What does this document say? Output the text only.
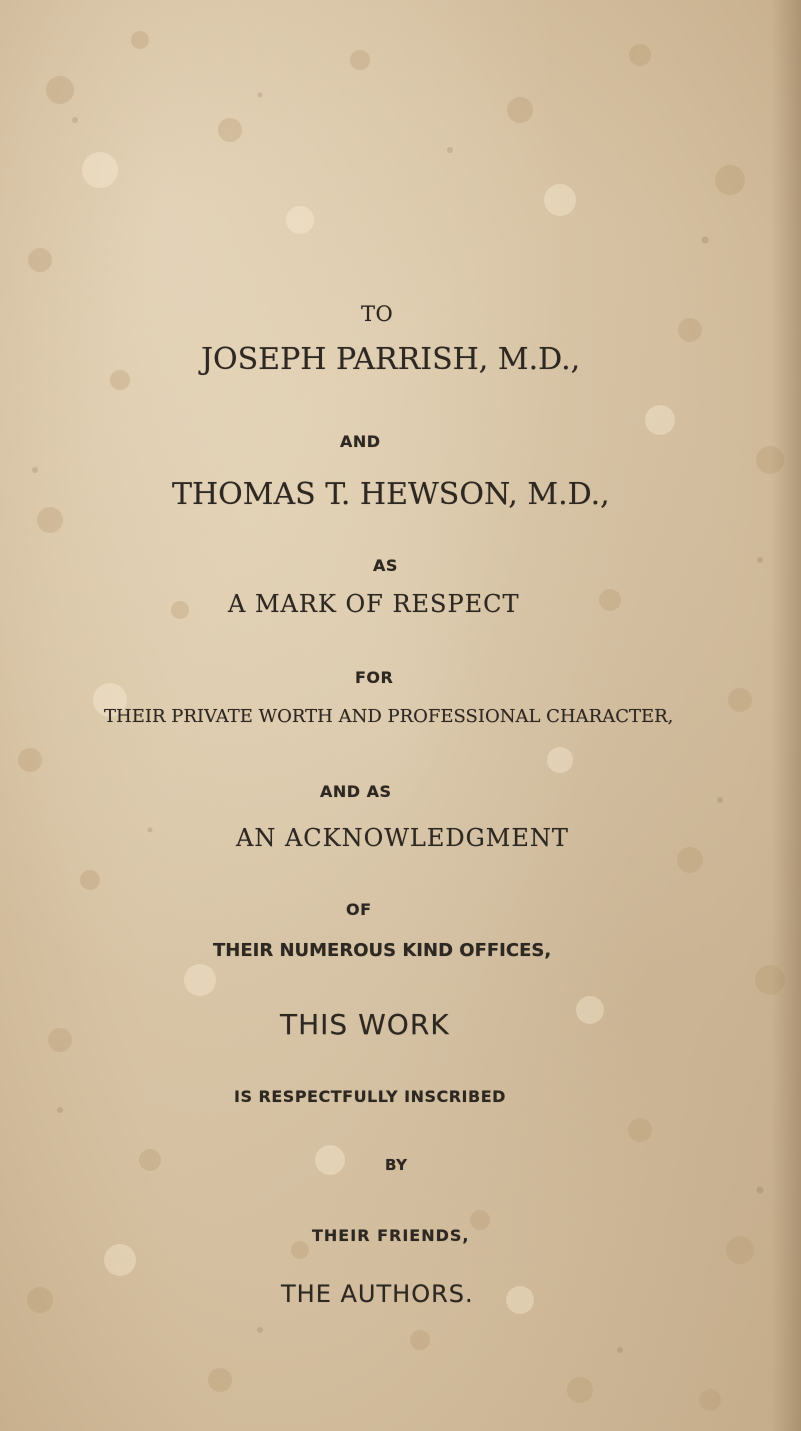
TO
JOSEPH PARRISH, M.D.,
AND
THOMAS T. HEWSON, M.D.,
AS
A MARK OF RESPECT
FOR
THEIR PRIVATE WORTH AND PROFESSIONAL CHARACTER,
AND AS
AN ACKNOWLEDGMENT
OF
THEIR NUMEROUS KIND OFFICES,
THIS WORK
IS RESPECTFULLY INSCRIBED
BY
THEIR FRIENDS,
THE AUTHORS.
